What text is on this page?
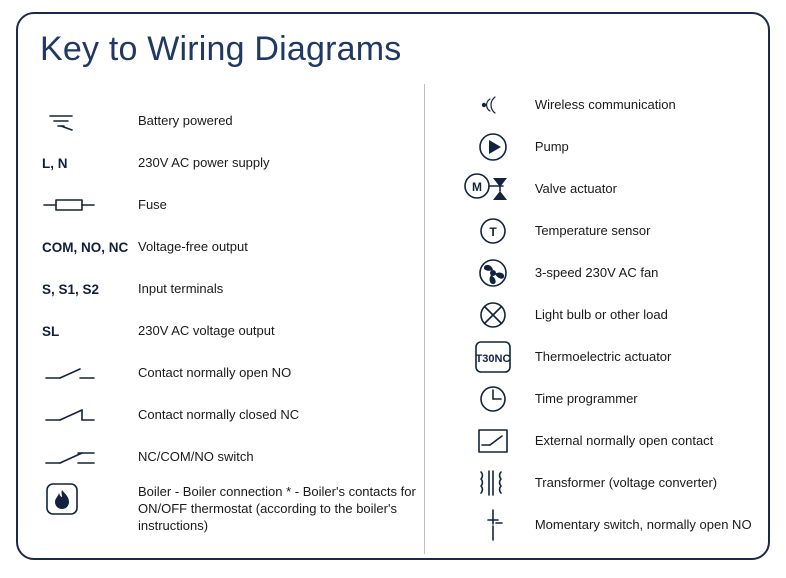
Key to Wiring Diagrams
Battery powered
L, N	230V AC power supply
Fuse
COM, NO, NC Voltage-free output
S, S1, S2	Input terminals
SL	230V AC voltage output
Contact normally open NO
Contact normally closed NC
NC/COM/NO switch
Boiler - Boiler connection * - Boiler's contacts for ON/OFF thermostat (according to the boiler's instructions)
Wireless communication
Pump
M	Valve actuator
T	Temperature sensor
3-speed 230V AC fan
Light bulb or other load
T30NC Thermoelectric actuator
Time programmer
External normally open contact
Transformer (voltage converter)
Momentary switch, normally open NO
